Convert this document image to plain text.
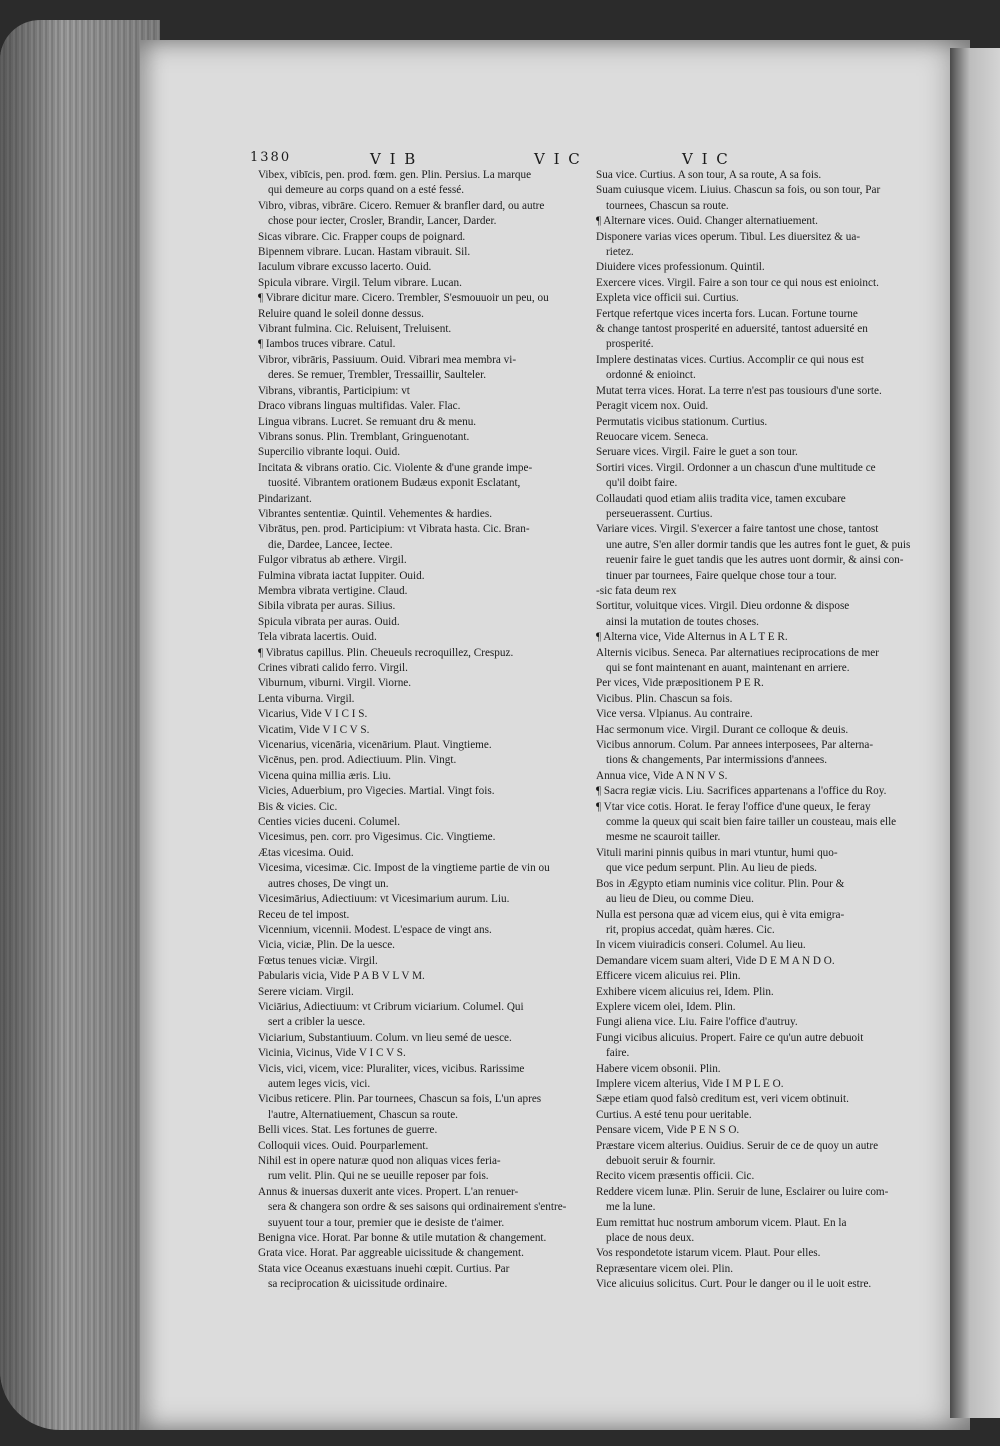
1380	V I B	V I C	V I C

Vibex, vibīcis, pen. prod. fœm. gen. Plin. Persius. La marque

qui demeure au corps quand on a esté fessé.

Vibro, vibras, vibrāre. Cicero. Remuer & branfler dard, ou autre

chose pour iecter, Crosler, Brandir, Lancer, Darder.

Sicas vibrare. Cic. Frapper coups de poignard.

Bipennem vibrare. Lucan. Hastam vibrauit. Sil.

Iaculum vibrare excusso lacerto. Ouid.

Spicula vibrare. Virgil. Telum vibrare. Lucan.

¶ Vibrare dicitur mare. Cicero. Trembler, S'esmouuoir un peu, ou

Reluire quand le soleil donne dessus.

Vibrant fulmina. Cic. Reluisent, Treluisent.

¶ Iambos truces vibrare. Catul.

Vibror, vibrāris, Passiuum. Ouid. Vibrari mea membra vi-

deres. Se remuer, Trembler, Tressaillir, Saulteler.

Vibrans, vibrantis, Participium: vt

Draco vibrans linguas multifidas. Valer. Flac.

Lingua vibrans. Lucret. Se remuant dru & menu.

Vibrans sonus. Plin. Tremblant, Gringuenotant.

Supercilio vibrante loqui. Ouid.

Incitata & vibrans oratio. Cic. Violente & d'une grande impe-

tuosité. Vibrantem orationem Budæus exponit Esclatant,

Pindarizant.

Vibrantes sententiæ. Quintil. Vehementes & hardies.

Vibrātus, pen. prod. Participium: vt Vibrata hasta. Cic. Bran-

die, Dardee, Lancee, Iectee.

Fulgor vibratus ab æthere. Virgil.

Fulmina vibrata iactat Iuppiter. Ouid.

Membra vibrata vertigine. Claud.

Sibila vibrata per auras. Silius.

Spicula vibrata per auras. Ouid.

Tela vibrata lacertis. Ouid.

¶ Vibratus capillus. Plin. Cheueuls recroquillez, Crespuz.

Crines vibrati calido ferro. Virgil.

Viburnum, viburni. Virgil. Viorne.

Lenta viburna. Virgil.

Vicarius, Vide V I C I S.

Vicatim, Vide V I C V S.

Vicenarius, vicenāria, vicenārium. Plaut. Vingtieme.

Vicēnus, pen. prod. Adiectiuum. Plin. Vingt.

Vicena quina millia æris. Liu.

Vicies, Aduerbium, pro Vigecies. Martial. Vingt fois.

Bis & vicies. Cic.

Centies vicies duceni. Columel.

Vicesimus, pen. corr. pro Vigesimus. Cic. Vingtieme.

Ætas vicesima. Ouid.

Vicesima, vicesimæ. Cic. Impost de la vingtieme partie de vin ou

autres choses, De vingt un.

Vicesimārius, Adiectiuum: vt Vicesimarium aurum. Liu.

Receu de tel impost.

Vicennium, vicennii. Modest. L'espace de vingt ans.

Vicia, viciæ, Plin. De la uesce.

Fœtus tenues viciæ. Virgil.

Pabularis vicia, Vide P A B V L V M.

Serere viciam. Virgil.

Viciārius, Adiectiuum: vt Cribrum viciarium. Columel. Qui

sert a cribler la uesce.

Viciarium, Substantiuum. Colum. vn lieu semé de uesce.

Vicinia, Vicinus, Vide V I C V S.

Vicis, vici, vicem, vice: Pluraliter, vices, vicibus. Rarissime

autem leges vicis, vici.

Vicibus reticere. Plin. Par tournees, Chascun sa fois, L'un apres

l'autre, Alternatiuement, Chascun sa route.

Belli vices. Stat. Les fortunes de guerre.

Colloquii vices. Ouid. Pourparlement.

Nihil est in opere naturæ quod non aliquas vices feria-

rum velit. Plin. Qui ne se ueuille reposer par fois.

Annus & inuersas duxerit ante vices. Propert. L'an renuer-

sera & changera son ordre & ses saisons qui ordinairement s'entre-

suyuent tour a tour, premier que ie desiste de t'aimer.

Benigna vice. Horat. Par bonne & utile mutation & changement.

Grata vice. Horat. Par aggreable uicissitude & changement.

Stata vice Oceanus exæstuans inuehi cœpit. Curtius. Par

sa reciprocation & uicissitude ordinaire.

Sua vice. Curtius. A son tour, A sa route, A sa fois.

Suam cuiusque vicem. Liuius. Chascun sa fois, ou son tour, Par

tournees, Chascun sa route.

¶ Alternare vices. Ouid. Changer alternatiuement.

Disponere varias vices operum. Tibul. Les diuersitez & ua-

rietez.

Diuidere vices professionum. Quintil.

Exercere vices. Virgil. Faire a son tour ce qui nous est enioinct.

Expleta vice officii sui. Curtius.

Fertque refertque vices incerta fors. Lucan. Fortune tourne

& change tantost prosperité en aduersité, tantost aduersité en

prosperité.

Implere destinatas vices. Curtius. Accomplir ce qui nous est

ordonné & enioinct.

Mutat terra vices. Horat. La terre n'est pas tousiours d'une sorte.

Peragit vicem nox. Ouid.

Permutatis vicibus stationum. Curtius.

Reuocare vicem. Seneca.

Seruare vices. Virgil. Faire le guet a son tour.

Sortiri vices. Virgil. Ordonner a un chascun d'une multitude ce

qu'il doibt faire.

Collaudati quod etiam aliis tradita vice, tamen excubare

perseuerassent. Curtius.

Variare vices. Virgil. S'exercer a faire tantost une chose, tantost

une autre, S'en aller dormir tandis que les autres font le guet, & puis

reuenir faire le guet tandis que les autres uont dormir, & ainsi con-

tinuer par tournees, Faire quelque chose tour a tour.

-sic fata deum rex

Sortitur, voluitque vices. Virgil. Dieu ordonne & dispose

ainsi la mutation de toutes choses.

¶ Alterna vice, Vide Alternus in A L T E R.

Alternis vicibus. Seneca. Par alternatiues reciprocations de mer

qui se font maintenant en auant, maintenant en arriere.

Per vices, Vide præpositionem P E R.

Vicibus. Plin. Chascun sa fois.

Vice versa. Vlpianus. Au contraire.

Hac sermonum vice. Virgil. Durant ce colloque & deuis.

Vicibus annorum. Colum. Par annees interposees, Par alterna-

tions & changements, Par intermissions d'annees.

Annua vice, Vide A N N V S.

¶ Sacra regiæ vicis. Liu. Sacrifices appartenans a l'office du Roy.

¶ Vtar vice cotis. Horat. Ie feray l'office d'une queux, Ie feray

comme la queux qui scait bien faire tailler un cousteau, mais elle

mesme ne scauroit tailler.

Vituli marini pinnis quibus in mari vtuntur, humi quo-

que vice pedum serpunt. Plin. Au lieu de pieds.

Bos in Ægypto etiam numinis vice colitur. Plin. Pour &

au lieu de Dieu, ou comme Dieu.

Nulla est persona quæ ad vicem eius, qui è vita emigra-

rit, propius accedat, quàm hæres. Cic.

In vicem viuiradicis conseri. Columel. Au lieu.

Demandare vicem suam alteri, Vide D E M A N D O.

Efficere vicem alicuius rei. Plin.

Exhibere vicem alicuius rei, Idem. Plin.

Explere vicem olei, Idem. Plin.

Fungi aliena vice. Liu. Faire l'office d'autruy.

Fungi vicibus alicuius. Propert. Faire ce qu'un autre debuoit

faire.

Habere vicem obsonii. Plin.

Implere vicem alterius, Vide I M P L E O.

Sæpe etiam quod falsò creditum est, veri vicem obtinuit.

Curtius. A esté tenu pour ueritable.

Pensare vicem, Vide P E N S O.

Præstare vicem alterius. Ouidius. Seruir de ce de quoy un autre

debuoit seruir & fournir.

Recito vicem præsentis officii. Cic.

Reddere vicem lunæ. Plin. Seruir de lune, Esclairer ou luire com-

me la lune.

Eum remittat huc nostrum amborum vicem. Plaut. En la

place de nous deux.

Vos respondetote istarum vicem. Plaut. Pour elles.

Repræsentare vicem olei. Plin.

Vice alicuius solicitus. Curt. Pour le danger ou il le uoit estre.
